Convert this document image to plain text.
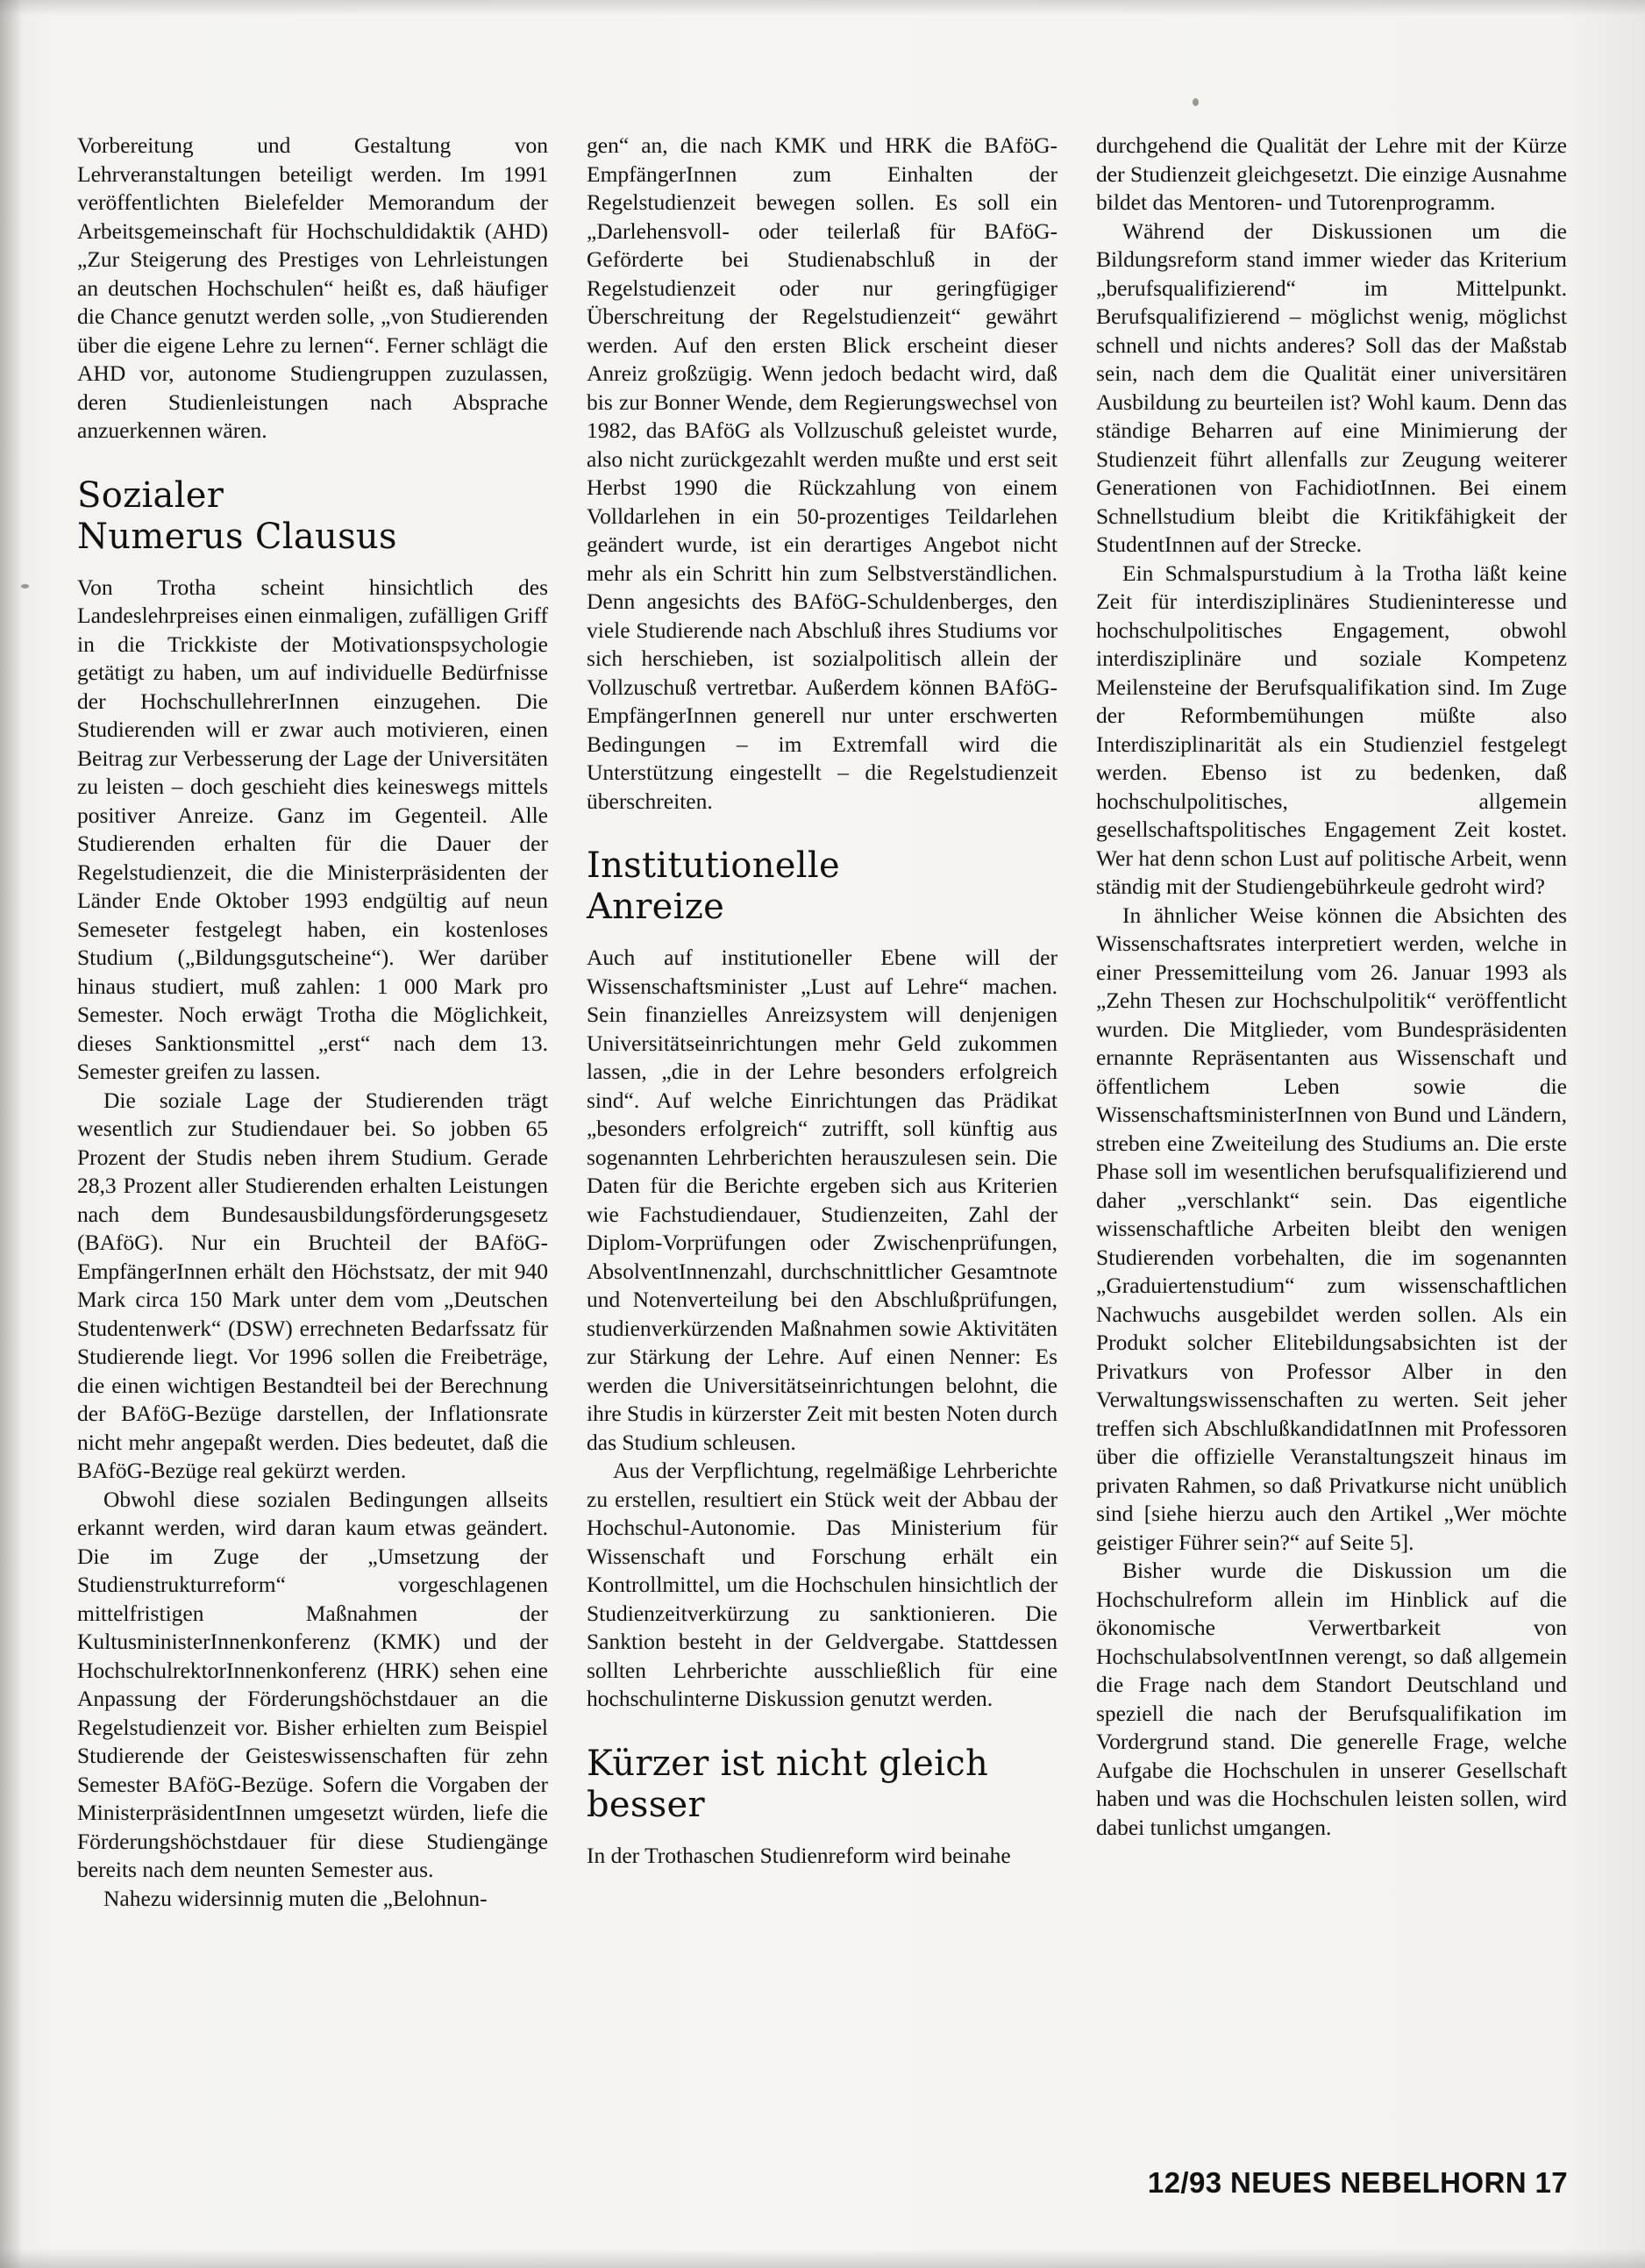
Vorbereitung und Gestaltung von Lehrveranstaltungen beteiligt werden. Im 1991 veröffentlichten Bielefelder Memorandum der Arbeitsgemeinschaft für Hochschuldidaktik (AHD) „Zur Steigerung des Prestiges von Lehrleistungen an deutschen Hochschulen“ heißt es, daß häufiger die Chance genutzt werden solle, „von Studierenden über die eigene Lehre zu lernen“. Ferner schlägt die AHD vor, autonome Studiengruppen zuzulassen, deren Studienleistungen nach Absprache anzuerkennen wären.

Sozialer
Numerus Clausus

Von Trotha scheint hinsichtlich des Landeslehrpreises einen einmaligen, zufälligen Griff in die Trickkiste der Motivationspsychologie getätigt zu haben, um auf individuelle Bedürfnisse der HochschullehrerInnen einzugehen. Die Studierenden will er zwar auch motivieren, einen Beitrag zur Verbesserung der Lage der Universitäten zu leisten – doch geschieht dies keineswegs mittels positiver Anreize. Ganz im Gegenteil. Alle Studierenden erhalten für die Dauer der Regelstudienzeit, die die Ministerpräsidenten der Länder Ende Oktober 1993 endgültig auf neun Semeseter festgelegt haben, ein kostenloses Studium („Bildungsgutscheine“). Wer darüber hinaus studiert, muß zahlen: 1 000 Mark pro Semester. Noch erwägt Trotha die Möglichkeit, dieses Sanktionsmittel „erst“ nach dem 13. Semester greifen zu lassen.

Die soziale Lage der Studierenden trägt wesentlich zur Studiendauer bei. So jobben 65 Prozent der Studis neben ihrem Studium. Gerade 28,3 Prozent aller Studierenden erhalten Leistungen nach dem Bundesausbildungsförderungsgesetz (BAföG). Nur ein Bruchteil der BAföG-EmpfängerInnen erhält den Höchstsatz, der mit 940 Mark circa 150 Mark unter dem vom „Deutschen Studentenwerk“ (DSW) errechneten Bedarfssatz für Studierende liegt. Vor 1996 sollen die Freibeträge, die einen wichtigen Bestandteil bei der Berechnung der BAföG-Bezüge darstellen, der Inflationsrate nicht mehr angepaßt werden. Dies bedeutet, daß die BAföG-Bezüge real gekürzt werden.

Obwohl diese sozialen Bedingungen allseits erkannt werden, wird daran kaum etwas geändert. Die im Zuge der „Umsetzung der Studienstrukturreform“ vorgeschlagenen mittelfristigen Maßnahmen der KultusministerInnenkonferenz (KMK) und der HochschulrektorInnenkonferenz (HRK) sehen eine Anpassung der Förderungshöchstdauer an die Regelstudienzeit vor. Bisher erhielten zum Beispiel Studierende der Geisteswissenschaften für zehn Semester BAföG-Bezüge. Sofern die Vorgaben der MinisterpräsidentInnen umgesetzt würden, liefe die Förderungshöchstdauer für diese Studiengänge bereits nach dem neunten Semester aus.

Nahezu widersinnig muten die „Belohnun-

gen“ an, die nach KMK und HRK die BAföG-EmpfängerInnen zum Einhalten der Regelstudienzeit bewegen sollen. Es soll ein „Darlehensvoll- oder teilerlaß für BAföG-Geförderte bei Studienabschluß in der Regelstudienzeit oder nur geringfügiger Überschreitung der Regelstudienzeit“ gewährt werden. Auf den ersten Blick erscheint dieser Anreiz großzügig. Wenn jedoch bedacht wird, daß bis zur Bonner Wende, dem Regierungswechsel von 1982, das BAföG als Vollzuschuß geleistet wurde, also nicht zurückgezahlt werden mußte und erst seit Herbst 1990 die Rückzahlung von einem Volldarlehen in ein 50-prozentiges Teildarlehen geändert wurde, ist ein derartiges Angebot nicht mehr als ein Schritt hin zum Selbstverständlichen. Denn angesichts des BAföG-Schuldenberges, den viele Studierende nach Abschluß ihres Studiums vor sich herschieben, ist sozialpolitisch allein der Vollzuschuß vertretbar. Außerdem können BAföG-EmpfängerInnen generell nur unter erschwerten Bedingungen – im Extremfall wird die Unterstützung eingestellt – die Regelstudienzeit überschreiten.

Institutionelle
Anreize

Auch auf institutioneller Ebene will der Wissenschaftsminister „Lust auf Lehre“ machen. Sein finanzielles Anreizsystem will denjenigen Universitätseinrichtungen mehr Geld zukommen lassen, „die in der Lehre besonders erfolgreich sind“. Auf welche Einrichtungen das Prädikat „besonders erfolgreich“ zutrifft, soll künftig aus sogenannten Lehrberichten herauszulesen sein. Die Daten für die Berichte ergeben sich aus Kriterien wie Fachstudiendauer, Studienzeiten, Zahl der Diplom-Vorprüfungen oder Zwischenprüfungen, AbsolventInnenzahl, durchschnittlicher Gesamtnote und Notenverteilung bei den Abschlußprüfungen, studienverkürzenden Maßnahmen sowie Aktivitäten zur Stärkung der Lehre. Auf einen Nenner: Es werden die Universitätseinrichtungen belohnt, die ihre Studis in kürzerster Zeit mit besten Noten durch das Studium schleusen.

Aus der Verpflichtung, regelmäßige Lehrberichte zu erstellen, resultiert ein Stück weit der Abbau der Hochschul-Autonomie. Das Ministerium für Wissenschaft und Forschung erhält ein Kontrollmittel, um die Hochschulen hinsichtlich der Studienzeitverkürzung zu sanktionieren. Die Sanktion besteht in der Geldvergabe. Stattdessen sollten Lehrberichte ausschließlich für eine hochschulinterne Diskussion genutzt werden.

Kürzer ist nicht gleich
besser

In der Trothaschen Studienreform wird beinahe

durchgehend die Qualität der Lehre mit der Kürze der Studienzeit gleichgesetzt. Die einzige Ausnahme bildet das Mentoren- und Tutorenprogramm.

Während der Diskussionen um die Bildungsreform stand immer wieder das Kriterium „berufsqualifizierend“ im Mittelpunkt. Berufsqualifizierend – möglichst wenig, möglichst schnell und nichts anderes? Soll das der Maßstab sein, nach dem die Qualität einer universitären Ausbildung zu beurteilen ist? Wohl kaum. Denn das ständige Beharren auf eine Minimierung der Studienzeit führt allenfalls zur Zeugung weiterer Generationen von FachidiotInnen. Bei einem Schnellstudium bleibt die Kritikfähigkeit der StudentInnen auf der Strecke.

Ein Schmalspurstudium à la Trotha läßt keine Zeit für interdisziplinäres Studieninteresse und hochschulpolitisches Engagement, obwohl interdisziplinäre und soziale Kompetenz Meilensteine der Berufsqualifikation sind. Im Zuge der Reformbemühungen müßte also Interdisziplinarität als ein Studienziel festgelegt werden. Ebenso ist zu bedenken, daß hochschulpolitisches, allgemein gesellschaftspolitisches Engagement Zeit kostet. Wer hat denn schon Lust auf politische Arbeit, wenn ständig mit der Studiengebührkeule gedroht wird?

In ähnlicher Weise können die Absichten des Wissenschaftsrates interpretiert werden, welche in einer Pressemitteilung vom 26. Januar 1993 als „Zehn Thesen zur Hochschulpolitik“ veröffentlicht wurden. Die Mitglieder, vom Bundespräsidenten ernannte Repräsentanten aus Wissenschaft und öffentlichem Leben sowie die WissenschaftsministerInnen von Bund und Ländern, streben eine Zweiteilung des Studiums an. Die erste Phase soll im wesentlichen berufsqualifizierend und daher „verschlankt“ sein. Das eigentliche wissenschaftliche Arbeiten bleibt den wenigen Studierenden vorbehalten, die im sogenannten „Graduiertenstudium“ zum wissenschaftlichen Nachwuchs ausgebildet werden sollen. Als ein Produkt solcher Elitebildungsabsichten ist der Privatkurs von Professor Alber in den Verwaltungswissenschaften zu werten. Seit jeher treffen sich AbschlußkandidatInnen mit Professoren über die offizielle Veranstaltungszeit hinaus im privaten Rahmen, so daß Privatkurse nicht unüblich sind [siehe hierzu auch den Artikel „Wer möchte geistiger Führer sein?“ auf Seite 5].

Bisher wurde die Diskussion um die Hochschulreform allein im Hinblick auf die ökonomische Verwertbarkeit von HochschulabsolventInnen verengt, so daß allgemein die Frage nach dem Standort Deutschland und speziell die nach der Berufsqualifikation im Vordergrund stand. Die generelle Frage, welche Aufgabe die Hochschulen in unserer Gesellschaft haben und was die Hochschulen leisten sollen, wird dabei tunlichst umgangen.

12/93 NEUES NEBELHORN 17
